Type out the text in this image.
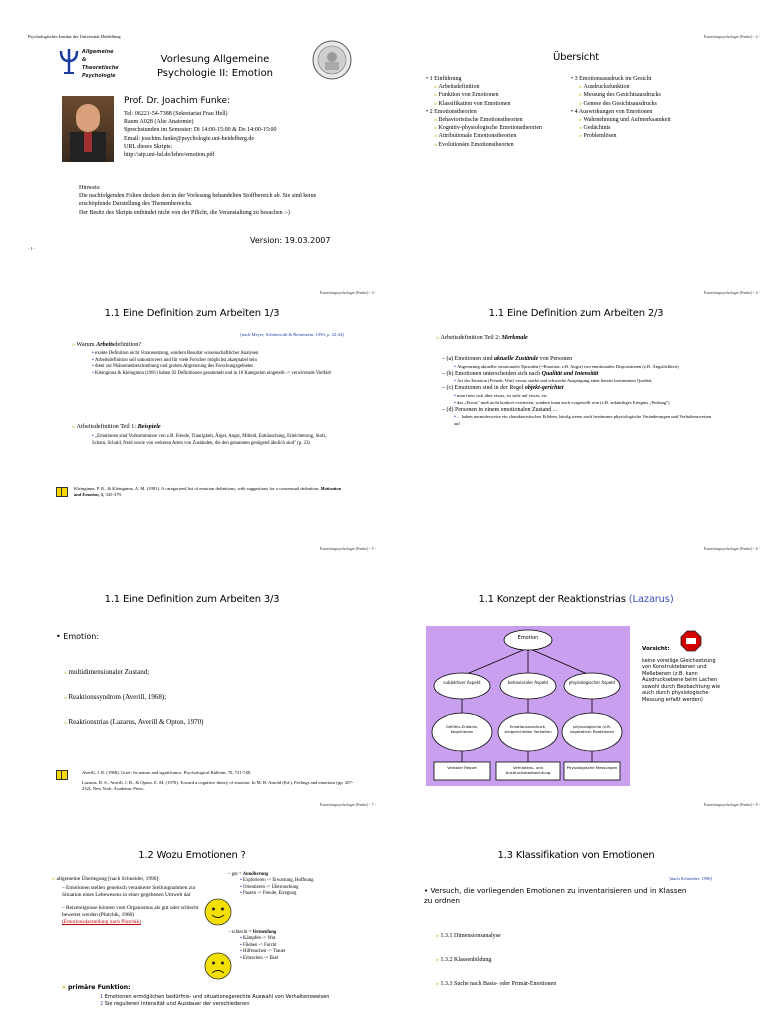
Psychologisches Institut der Universität Heidelberg
Allgemeine &
Theoretische
Psychologie
Vorlesung Allgemeine
Psychologie II: Emotion
Prof. Dr. Joachim Funke:
Tel: 06221-54-7388 (Sekretariat Frau Hell)
Raum A028 (Alte Anatomie)
Sprechstunden im Semester: Di 14:00-15:00 & Do 14:00-15:00
Email: joachim.funke@psychologie.uni-heidelberg.de
URL dieses Skripts:
http://atp.uni-hd.de/lehre/emotion.pdf
Hinweis:
Die nachfolgenden Folien decken den in der Vorlesung behandelten Stoffbereich ab. Sie sind keine erschöpfende Darstellung des Themenbereichs.
Der Besitz des Skripts entbindet nicht von der Pflicht, die Veranstaltung zu besuchen :-)
Version: 19.03.2007
- 1 -
Emotionspsychologie (Funke) - 2 -
Übersicht
• 1 Einführung
» Arbeitsdefinition
» Funktion von Emotionen
» Klassifikation von Emotionen
• 2 Emotionstheorien
» Behavioristische Emotionstheorien
» Kognitiv-physiologische Emotionstheorien
» Attributionale Emotionstheorien
» Evolutionäre Emotionstheorien
• 3 Emotionsausdruck im Gesicht
» Ausdrucksfunktion
» Messung des Gesichtsausdrucks
» Genese des Gesichtsausdrucks
• 4 Auswirkungen von Emotionen
» Wahrnehmung und Aufmerksamkeit
» Gedächtnis
» Problemlösen
Emotionspsychologie (Funke) - 3 -
1.1 Eine Definition zum Arbeiten 1/3
[nach Meyer, Schützwohl & Reisenzein, 1993, p. 22-24]
» Warum Arbeitsdefinition?
▪ exakte Definition nicht Voraussetzung, sondern Resultat wissenschaftlicher Analysen
▪ Arbeitsdefinition soll unkontrovers und für viele Forscher möglichst akzeptabel sein
▪ dient zur Phänomenbeschreibung und groben Abgrenzung des Forschungsgebietes
▪ Kleinginna & Kleinginna (1981) haben 92 Definitionen gesammelt und in 10 Kategorien eingeteilt -> verwirrende Vielfalt!
» Arbeitsdefinition Teil 1: Beispiele
▪ „Emotionen sind Vorkommnisse von z.B. Freude, Traurigkeit, Ärger, Angst, Mitleid, Enttäuschung, Erleichterung, Stolz, Scham, Schuld, Neid sowie von weiteren Arten von Zuständen, die den genannten genügend ähnlich sind" (p. 23)
Kleinginna, P. R., & Kleinginna, A. M. (1981). A categorized list of emotion definitions, with suggestions for a consensual definition. Motivation and Emotion, 5, 345-379.
Emotionspsychologie (Funke) - 4 -
1.1 Eine Definition zum Arbeiten 2/3
» Arbeitsdefinition Teil 2: Merkmale
– (a) Emotionen sind aktuelle Zustände von Personen
▪ Abgrenzung aktueller emotionaler Episoden (=Emotion; z.B. Angst) von emotionalen Dispositionen (z.B. Ängstlichkeit)
– (b) Emotionen unterscheiden sich nach Qualität und Intensität
▪ Art der Emotion (Freude, Wut) versus starke und schwache Ausprägung einer bereits bestimmten Qualität
– (c) Emotionen sind in der Regel objekt-gerichtet
▪ man freut sich über etwas, ist stolz auf etwas, etc.
▪ das „Etwas" muß nicht konkret existieren, sondern kann auch vorgestellt sein (z.B. zukünftiges Ereignis „Prüfung")
– (d) Personen in einem emotionalen Zustand ...
▪ ... haben normalerweise ein charakteristisches Erleben, häufig treten auch bestimmte physiologische Veränderungen und Verhaltensweisen auf
Emotionspsychologie (Funke) - 5 -
1.1 Eine Definition zum Arbeiten 3/3
• Emotion:
» multidimensionaler Zustand;
» Reaktionssyndrom (Averill, 1968);
» Reaktionstrias (Lazarus, Averill & Opton, 1970)
Averill, J. R. (1968). Grief: Its nature and significance. Psychological Bulletin, 70, 721-748.
Lazarus, R. S., Averill, J. R., & Opton, E. M. (1970). Toward a cognitive theory of emotion. In M. B. Arnold (Ed.), Feelings and emotions (pp. 207-232). New York: Academic Press.
Emotionspsychologie (Funke) - 6 -
1.1 Konzept der Reaktionstrias (Lazarus)
Emotion
subjektiver Aspekt	behavioraler Aspekt	physiologischer Aspekt
Gefühls-Erlebnis, Kognitionen
Emotionsausdruck, zielgerichtetes Verhalten
physiologische (z.B. vegetative) Reaktionen
Verbaler Report	Verhaltens- und Ausdrucksbeobachtung
Physiologische Messungen
Vorsicht:
keine voreilige Gleichsetzung von Konstruktebenen und Meßebenen (z.B. kann Ausdrucksebene beim Lachen sowohl durch Beobachtung wie auch durch physiologische Messung erfaßt werden)
Emotionspsychologie (Funke) - 7 -
1.2 Wozu Emotionen ?
» allgemeine Überlegung [nach Schneider, 1990]:
– Emotionen stellen genetisch verankerte Stellungnahmen zur Situation eines Lebewesens in einer gegebenen Umwelt dar
– Reizereignisse können vom Organismus als gut oder schlecht bewertet werden (Plutchik, 1980)
(Emotionsdarstellung nach Plutchik)
– gut = Annäherung
▪ Explorieren -> Erwartung, Hoffnung
▪ Orientieren -> Überraschung
▪ Paaren -> Freude, Erregung
– schlecht = Vermeidung
▪ Kämpfen -> Wut
▪ Fliehen -> Furcht
▪ Hilfesuchen -> Trauer
▪ Erbrechen -> Ekel
» primäre Funktion:
1 Emotionen ermöglichen bedürfnis- und situationsgerechte Auswahl von Verhaltensweisen
2 Sie regulieren Intensität und Ausdauer der verschiedenen
Emotionspsychologie (Funke) - 8 -
1.3 Klassifikation von Emotionen
[nach Schneider, 1990]
• Versuch, die vorliegenden Emotionen zu inventarisieren und in Klassen zu ordnen
» 1.3.1 Dimensionsanalyse
» 1.3.2 Klassenbildung
» 1.3.3 Suche nach Basis- oder Primär-Emotionen
